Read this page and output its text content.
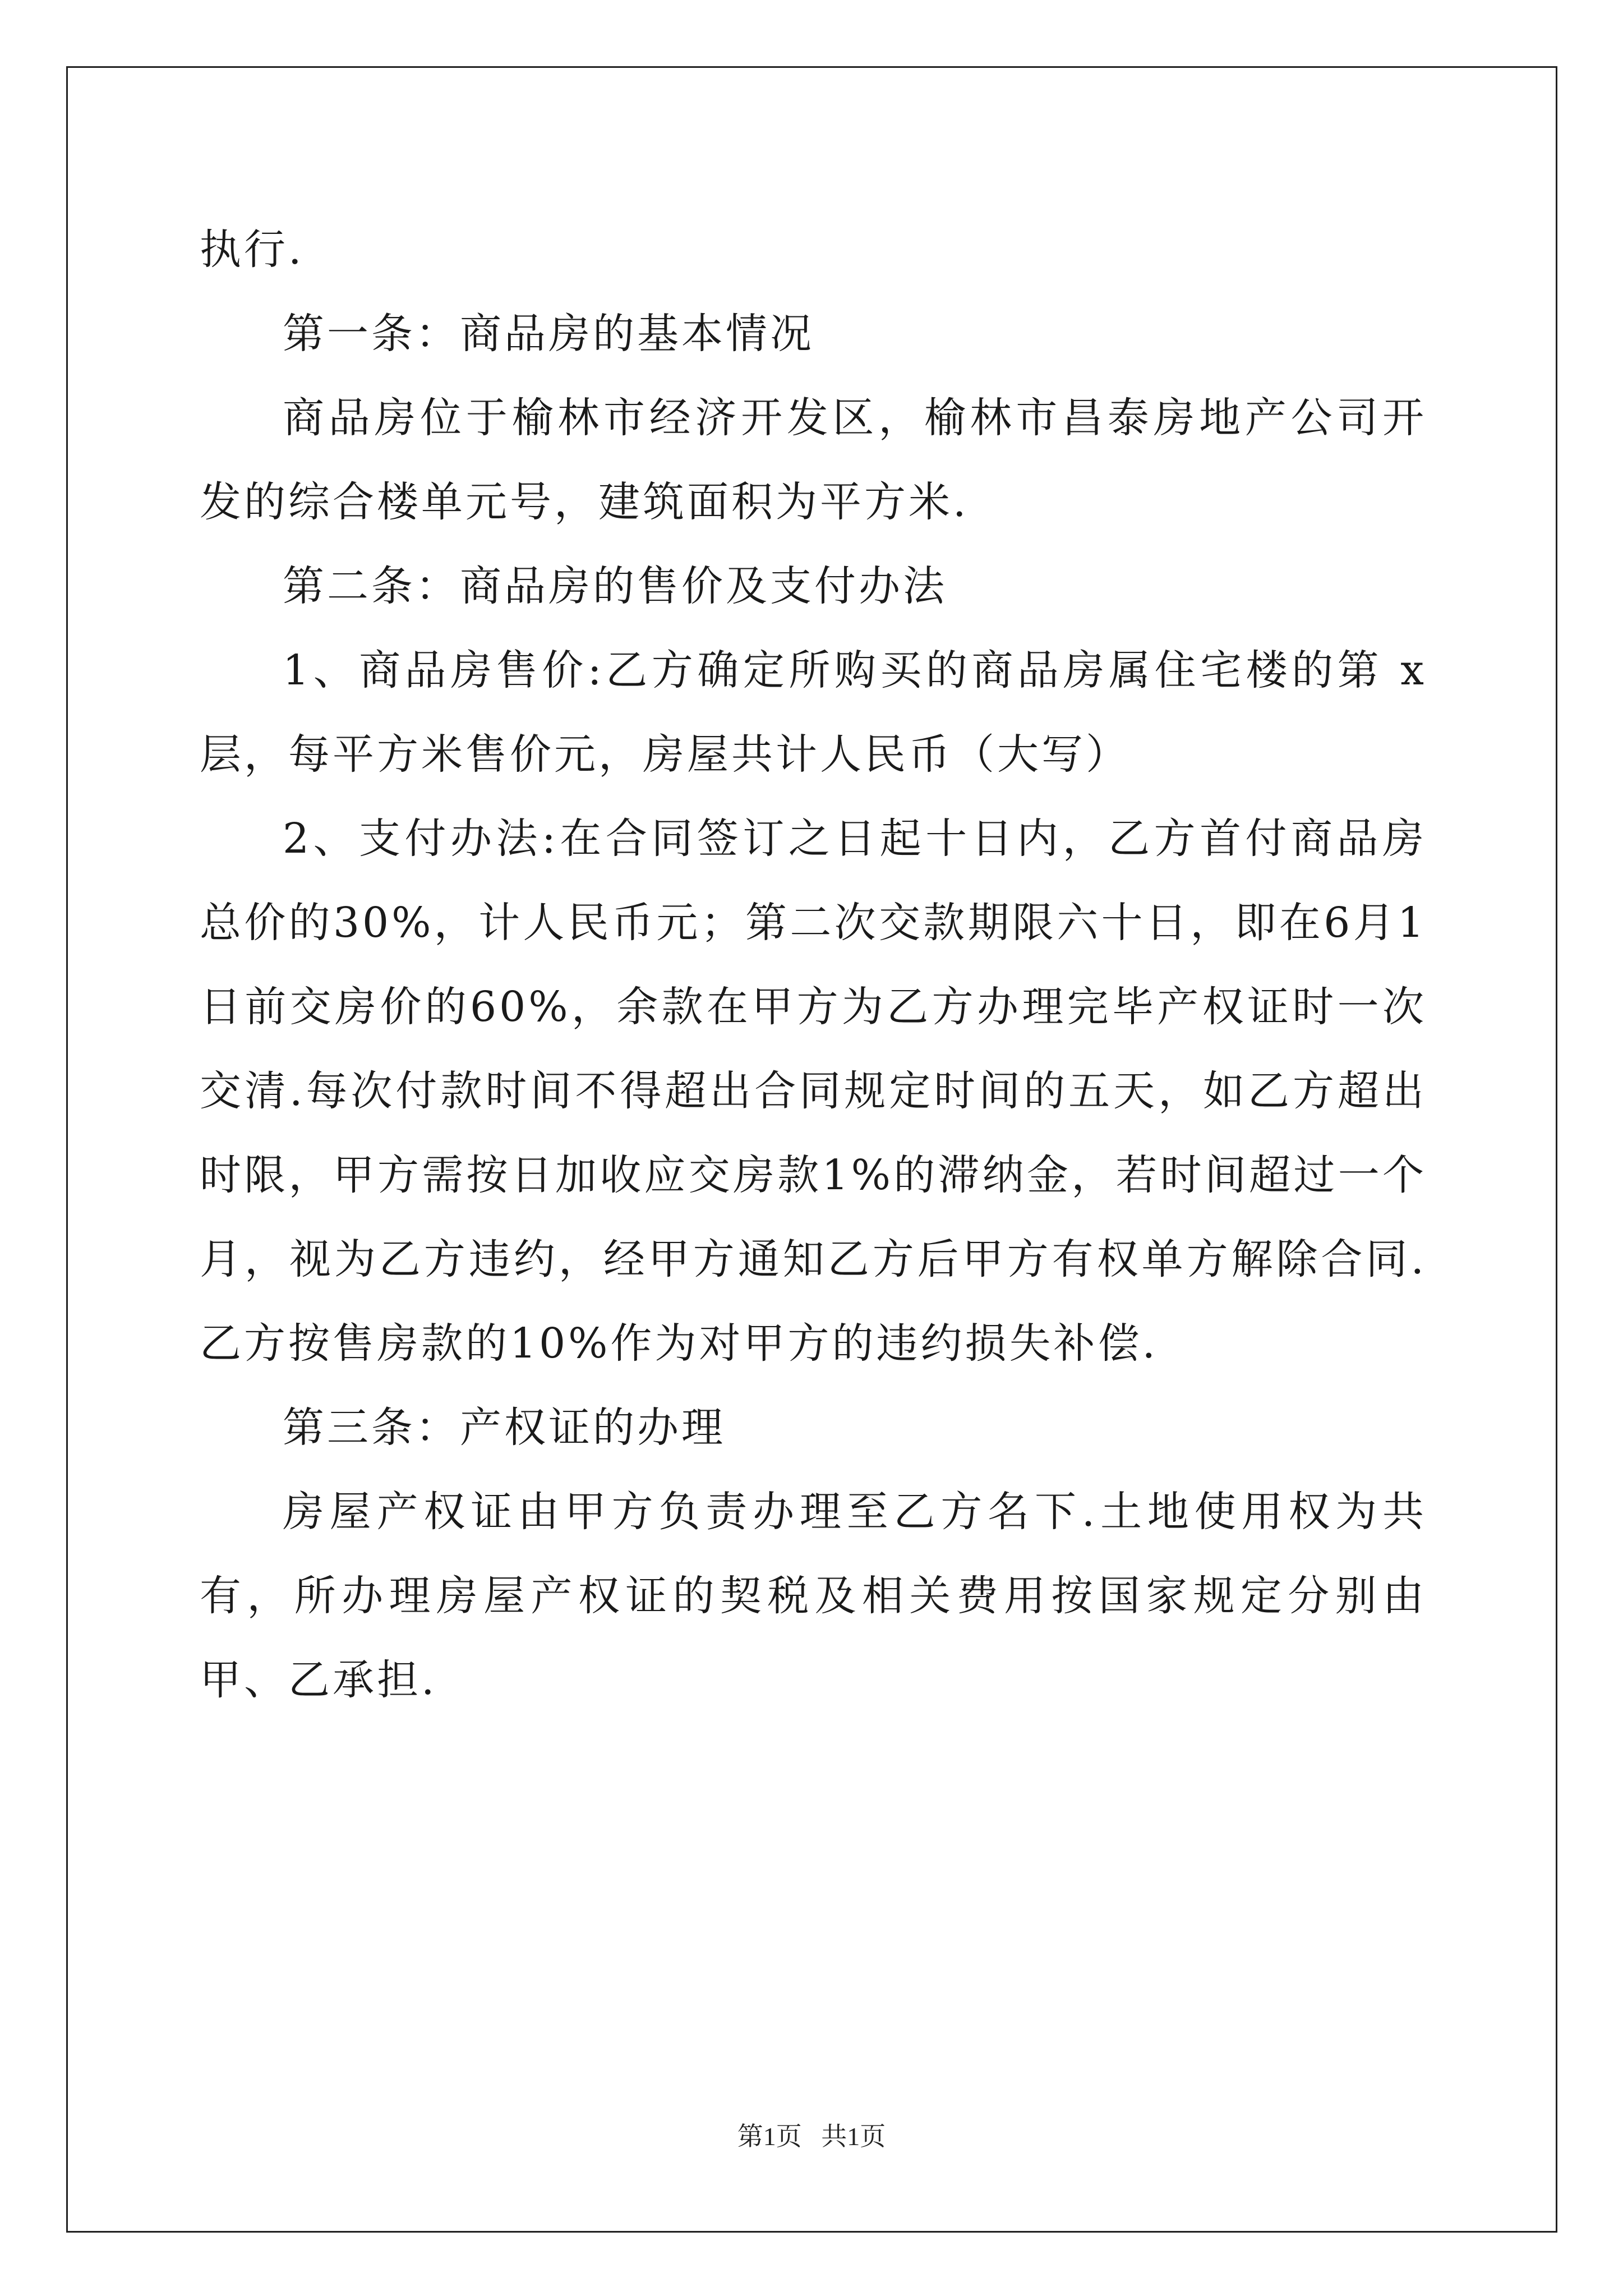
执行.

第一条：商品房的基本情况

商品房位于榆林市经济开发区，榆林市昌泰房地产公司开发的综合楼单元号，建筑面积为平方米.

第二条：商品房的售价及支付办法

1、商品房售价:乙方确定所购买的商品房属住宅楼的第 x 层，每平方米售价元，房屋共计人民币（大写）

2、支付办法:在合同签订之日起十日内，乙方首付商品房总价的30%，计人民币元；第二次交款期限六十日，即在6月1日前交房价的60%，余款在甲方为乙方办理完毕产权证时一次交清.每次付款时间不得超出合同规定时间的五天，如乙方超出时限，甲方需按日加收应交房款1%的滞纳金，若时间超过一个月，视为乙方违约，经甲方通知乙方后甲方有权单方解除合同.乙方按售房款的10%作为对甲方的违约损失补偿.

第三条：产权证的办理

房屋产权证由甲方负责办理至乙方名下.土地使用权为共有，所办理房屋产权证的契税及相关费用按国家规定分别由甲、乙承担.

第1页   共1页
